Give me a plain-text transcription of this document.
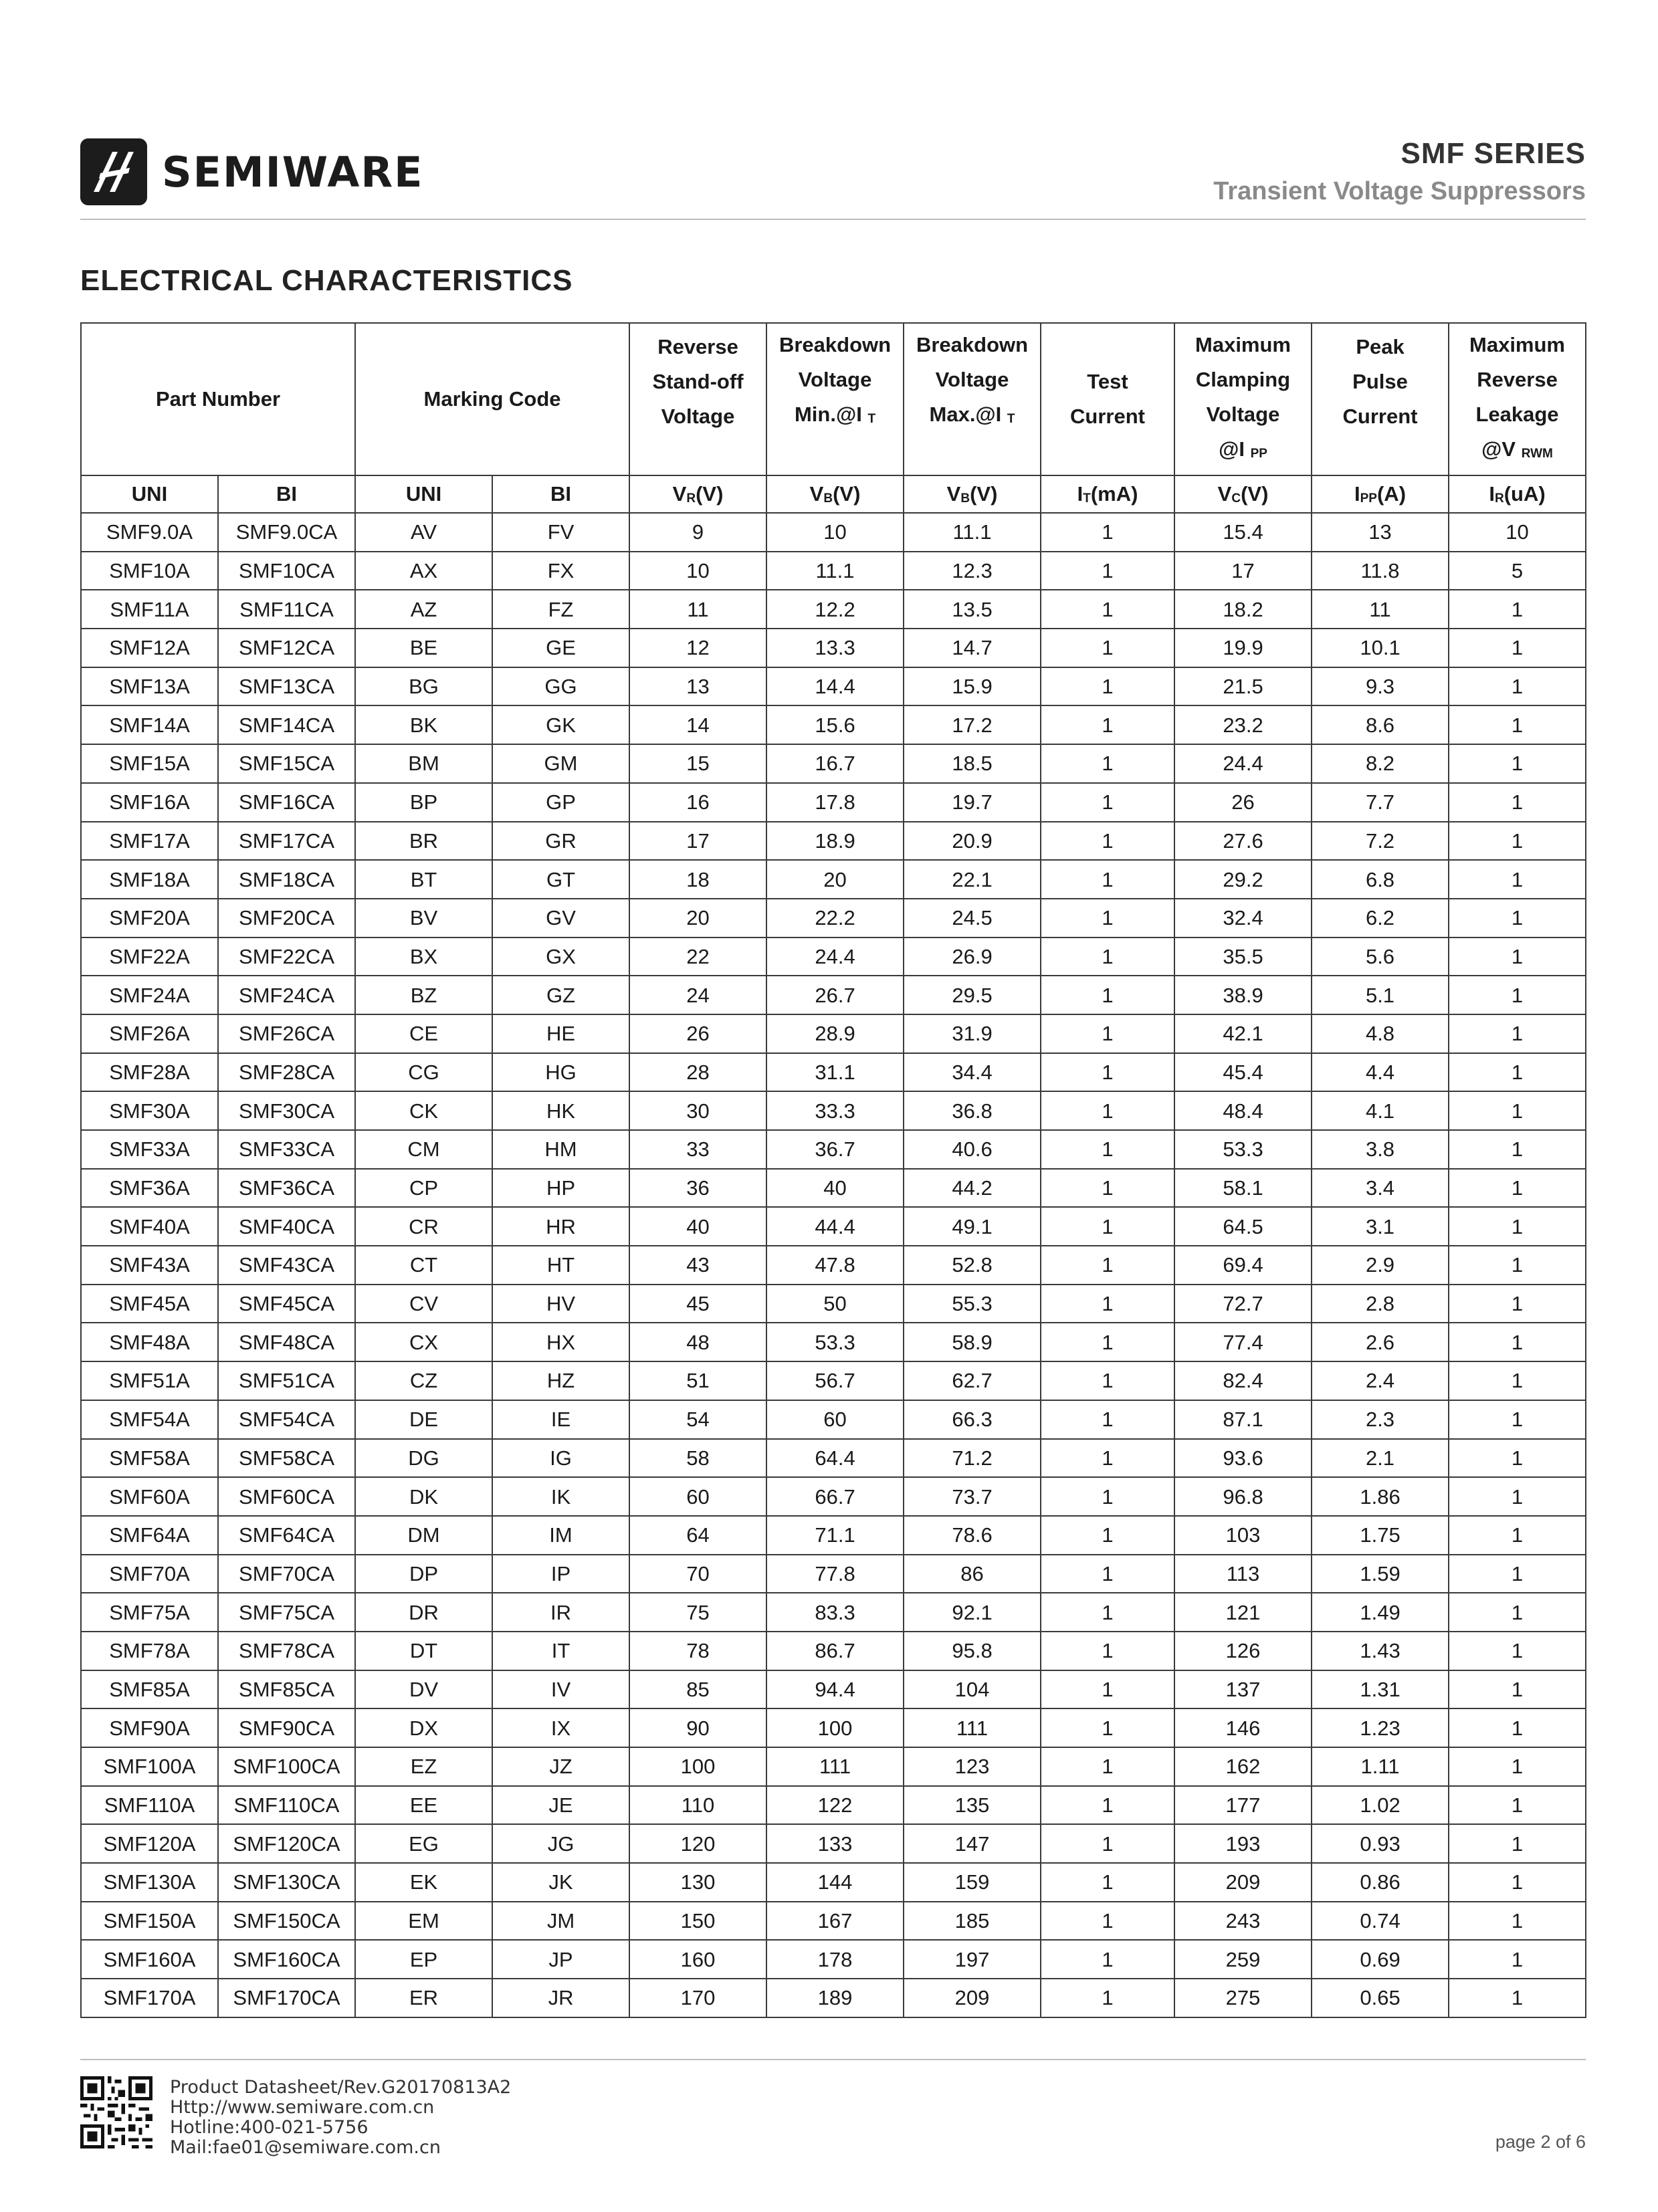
SEMIWARE	SMF SERIES
Transient Voltage Suppressors
ELECTRICAL CHARACTERISTICS
Part Number		Marking Code		Reverse
Stand-off
Voltage	Breakdown
Voltage
Min.@I T	Breakdown
Voltage
Max.@I T	Test
Current	Maximum
Clamping
Voltage
@I PP	Peak
Pulse
Current	Maximum
Reverse
Leakage
@V RWM
UNI	BI	UNI	BI	VR(V)	VB(V)	VB(V)	IT(mA)	VC(V)	IPP(A)	IR(uA)
SMF9.0A	SMF9.0CA	AV	FV	9	10	11.1	1	15.4	13	10
SMF10A	SMF10CA	AX	FX	10	11.1	12.3	1	17	11.8	5
SMF11A	SMF11CA	AZ	FZ	11	12.2	13.5	1	18.2	11	1
SMF12A	SMF12CA	BE	GE	12	13.3	14.7	1	19.9	10.1	1
SMF13A	SMF13CA	BG	GG	13	14.4	15.9	1	21.5	9.3	1
SMF14A	SMF14CA	BK	GK	14	15.6	17.2	1	23.2	8.6	1
SMF15A	SMF15CA	BM	GM	15	16.7	18.5	1	24.4	8.2	1
SMF16A	SMF16CA	BP	GP	16	17.8	19.7	1	26	7.7	1
SMF17A	SMF17CA	BR	GR	17	18.9	20.9	1	27.6	7.2	1
SMF18A	SMF18CA	BT	GT	18	20	22.1	1	29.2	6.8	1
SMF20A	SMF20CA	BV	GV	20	22.2	24.5	1	32.4	6.2	1
SMF22A	SMF22CA	BX	GX	22	24.4	26.9	1	35.5	5.6	1
SMF24A	SMF24CA	BZ	GZ	24	26.7	29.5	1	38.9	5.1	1
SMF26A	SMF26CA	CE	HE	26	28.9	31.9	1	42.1	4.8	1
SMF28A	SMF28CA	CG	HG	28	31.1	34.4	1	45.4	4.4	1
SMF30A	SMF30CA	CK	HK	30	33.3	36.8	1	48.4	4.1	1
SMF33A	SMF33CA	CM	HM	33	36.7	40.6	1	53.3	3.8	1
SMF36A	SMF36CA	CP	HP	36	40	44.2	1	58.1	3.4	1
SMF40A	SMF40CA	CR	HR	40	44.4	49.1	1	64.5	3.1	1
SMF43A	SMF43CA	CT	HT	43	47.8	52.8	1	69.4	2.9	1
SMF45A	SMF45CA	CV	HV	45	50	55.3	1	72.7	2.8	1
SMF48A	SMF48CA	CX	HX	48	53.3	58.9	1	77.4	2.6	1
SMF51A	SMF51CA	CZ	HZ	51	56.7	62.7	1	82.4	2.4	1
SMF54A	SMF54CA	DE	IE	54	60	66.3	1	87.1	2.3	1
SMF58A	SMF58CA	DG	IG	58	64.4	71.2	1	93.6	2.1	1
SMF60A	SMF60CA	DK	IK	60	66.7	73.7	1	96.8	1.86	1
SMF64A	SMF64CA	DM	IM	64	71.1	78.6	1	103	1.75	1
SMF70A	SMF70CA	DP	IP	70	77.8	86	1	113	1.59	1
SMF75A	SMF75CA	DR	IR	75	83.3	92.1	1	121	1.49	1
SMF78A	SMF78CA	DT	IT	78	86.7	95.8	1	126	1.43	1
SMF85A	SMF85CA	DV	IV	85	94.4	104	1	137	1.31	1
SMF90A	SMF90CA	DX	IX	90	100	111	1	146	1.23	1
SMF100A	SMF100CA	EZ	JZ	100	111	123	1	162	1.11	1
SMF110A	SMF110CA	EE	JE	110	122	135	1	177	1.02	1
SMF120A	SMF120CA	EG	JG	120	133	147	1	193	0.93	1
SMF130A	SMF130CA	EK	JK	130	144	159	1	209	0.86	1
SMF150A	SMF150CA	EM	JM	150	167	185	1	243	0.74	1
SMF160A	SMF160CA	EP	JP	160	178	197	1	259	0.69	1
SMF170A	SMF170CA	ER	JR	170	189	209	1	275	0.65	1
Product Datasheet/Rev.G20170813A2
Http://www.semiware.com.cn
Hotline:400-021-5756
Mail:fae01@semiware.com.cn	page 2 of 6
